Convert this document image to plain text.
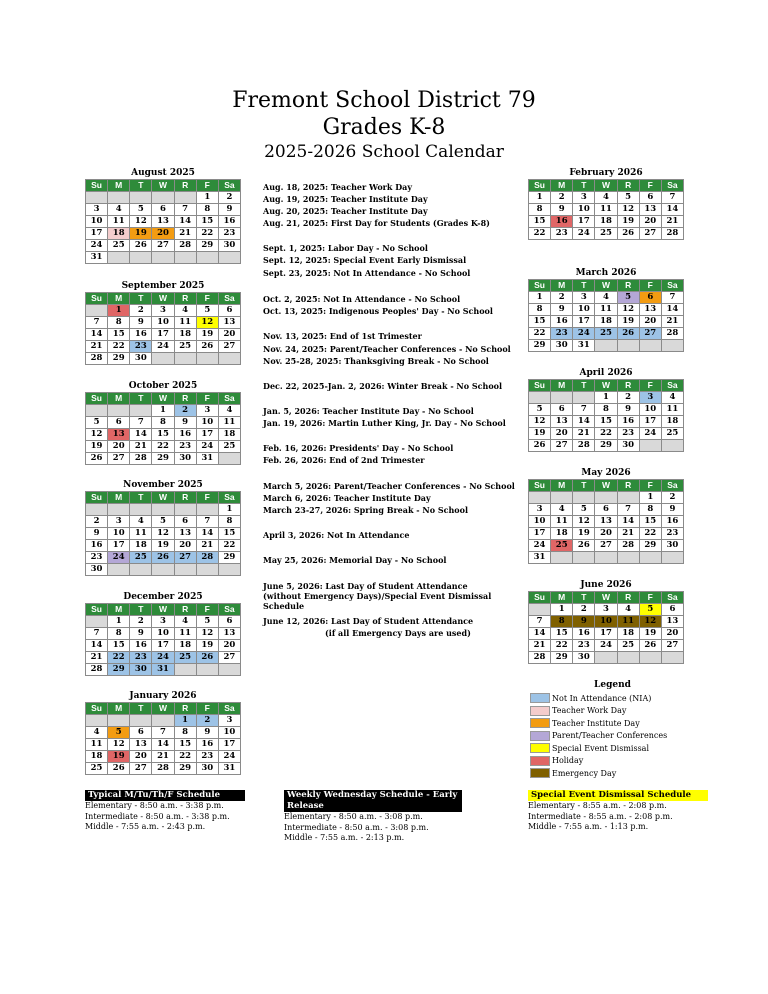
Fremont School District 79
Grades K-8
2025-2026 School Calendar
August 2025
Su	M	T	W	R	F	Sa
					1	2
3	4	5	6	7	8	9
10	11	12	13	14	15	16
17	18	19	20	21	22	23
24	25	26	27	28	29	30
31						
September 2025
Su	M	T	W	R	F	Sa
	1	2	3	4	5	6
7	8	9	10	11	12	13
14	15	16	17	18	19	20
21	22	23	24	25	26	27
28	29	30				
October 2025
Su	M	T	W	R	F	Sa
			1	2	3	4
5	6	7	8	9	10	11
12	13	14	15	16	17	18
19	20	21	22	23	24	25
26	27	28	29	30	31	
November 2025
Su	M	T	W	R	F	Sa
						1
2	3	4	5	6	7	8
9	10	11	12	13	14	15
16	17	18	19	20	21	22
23	24	25	26	27	28	29
30						
December 2025
Su	M	T	W	R	F	Sa
	1	2	3	4	5	6
7	8	9	10	11	12	13
14	15	16	17	18	19	20
21	22	23	24	25	26	27
28	29	30	31			
January 2026
Su	M	T	W	R	F	Sa
				1	2	3
4	5	6	7	8	9	10
11	12	13	14	15	16	17
18	19	20	21	22	23	24
25	26	27	28	29	30	31
February 2026
Su	M	T	W	R	F	Sa
1	2	3	4	5	6	7
8	9	10	11	12	13	14
15	16	17	18	19	20	21
22	23	24	25	26	27	28
March 2026
Su	M	T	W	R	F	Sa
1	2	3	4	5	6	7
8	9	10	11	12	13	14
15	16	17	18	19	20	21
22	23	24	25	26	27	28
29	30	31				
April 2026
Su	M	T	W	R	F	Sa
			1	2	3	4
5	6	7	8	9	10	11
12	13	14	15	16	17	18
19	20	21	22	23	24	25
26	27	28	29	30		
May 2026
Su	M	T	W	R	F	Sa
					1	2
3	4	5	6	7	8	9
10	11	12	13	14	15	16
17	18	19	20	21	22	23
24	25	26	27	28	29	30
31						
June 2026
Su	M	T	W	R	F	Sa
	1	2	3	4	5	6
7	8	9	10	11	12	13
14	15	16	17	18	19	20
21	22	23	24	25	26	27
28	29	30				
Aug. 18, 2025: Teacher Work Day
Aug. 19, 2025: Teacher Institute Day
Aug. 20, 2025: Teacher Institute Day
Aug. 21, 2025: First Day for Students (Grades K-8)
Sept. 1, 2025: Labor Day - No School
Sept. 12, 2025: Special Event Early Dismissal
Sept. 23, 2025: Not In Attendance - No School
Oct. 2, 2025: Not In Attendance - No School
Oct. 13, 2025: Indigenous Peoples' Day - No School
Nov. 13, 2025: End of 1st Trimester
Nov. 24, 2025: Parent/Teacher Conferences - No School
Nov. 25-28, 2025: Thanksgiving Break - No School
Dec. 22, 2025-Jan. 2, 2026: Winter Break - No School
Jan. 5, 2026: Teacher Institute Day - No School
Jan. 19, 2026: Martin Luther King, Jr. Day - No School
Feb. 16, 2026: Presidents' Day - No School
Feb. 26, 2026: End of 2nd Trimester
March 5, 2026: Parent/Teacher Conferences - No School
March 6, 2026: Teacher Institute Day
March 23-27, 2026: Spring Break - No School
April 3, 2026: Not In Attendance
May 25, 2026: Memorial Day - No School
June 5, 2026: Last Day of Student Attendance (without Emergency Days)/Special Event Dismissal Schedule
June 12, 2026: Last Day of Student Attendance
(if all Emergency Days are used)
Legend
Not In Attendance (NIA)
Teacher Work Day
Teacher Institute Day
Parent/Teacher Conferences
Special Event Dismissal
Holiday
Emergency Day
Typical M/Tu/Th/F Schedule
Elementary - 8:50 a.m. - 3:38 p.m.
Intermediate - 8:50 a.m. - 3:38 p.m.
Middle - 7:55 a.m. - 2:43 p.m.
Weekly Wednesday Schedule - Early Release
Elementary - 8:50 a.m. - 3:08 p.m.
Intermediate - 8:50 a.m. - 3:08 p.m.
Middle - 7:55 a.m. - 2:13 p.m.
Special Event Dismissal Schedule
Elementary - 8:55 a.m. - 2:08 p.m.
Intermediate - 8:55 a.m. - 2:08 p.m.
Middle - 7:55 a.m. - 1:13 p.m.
